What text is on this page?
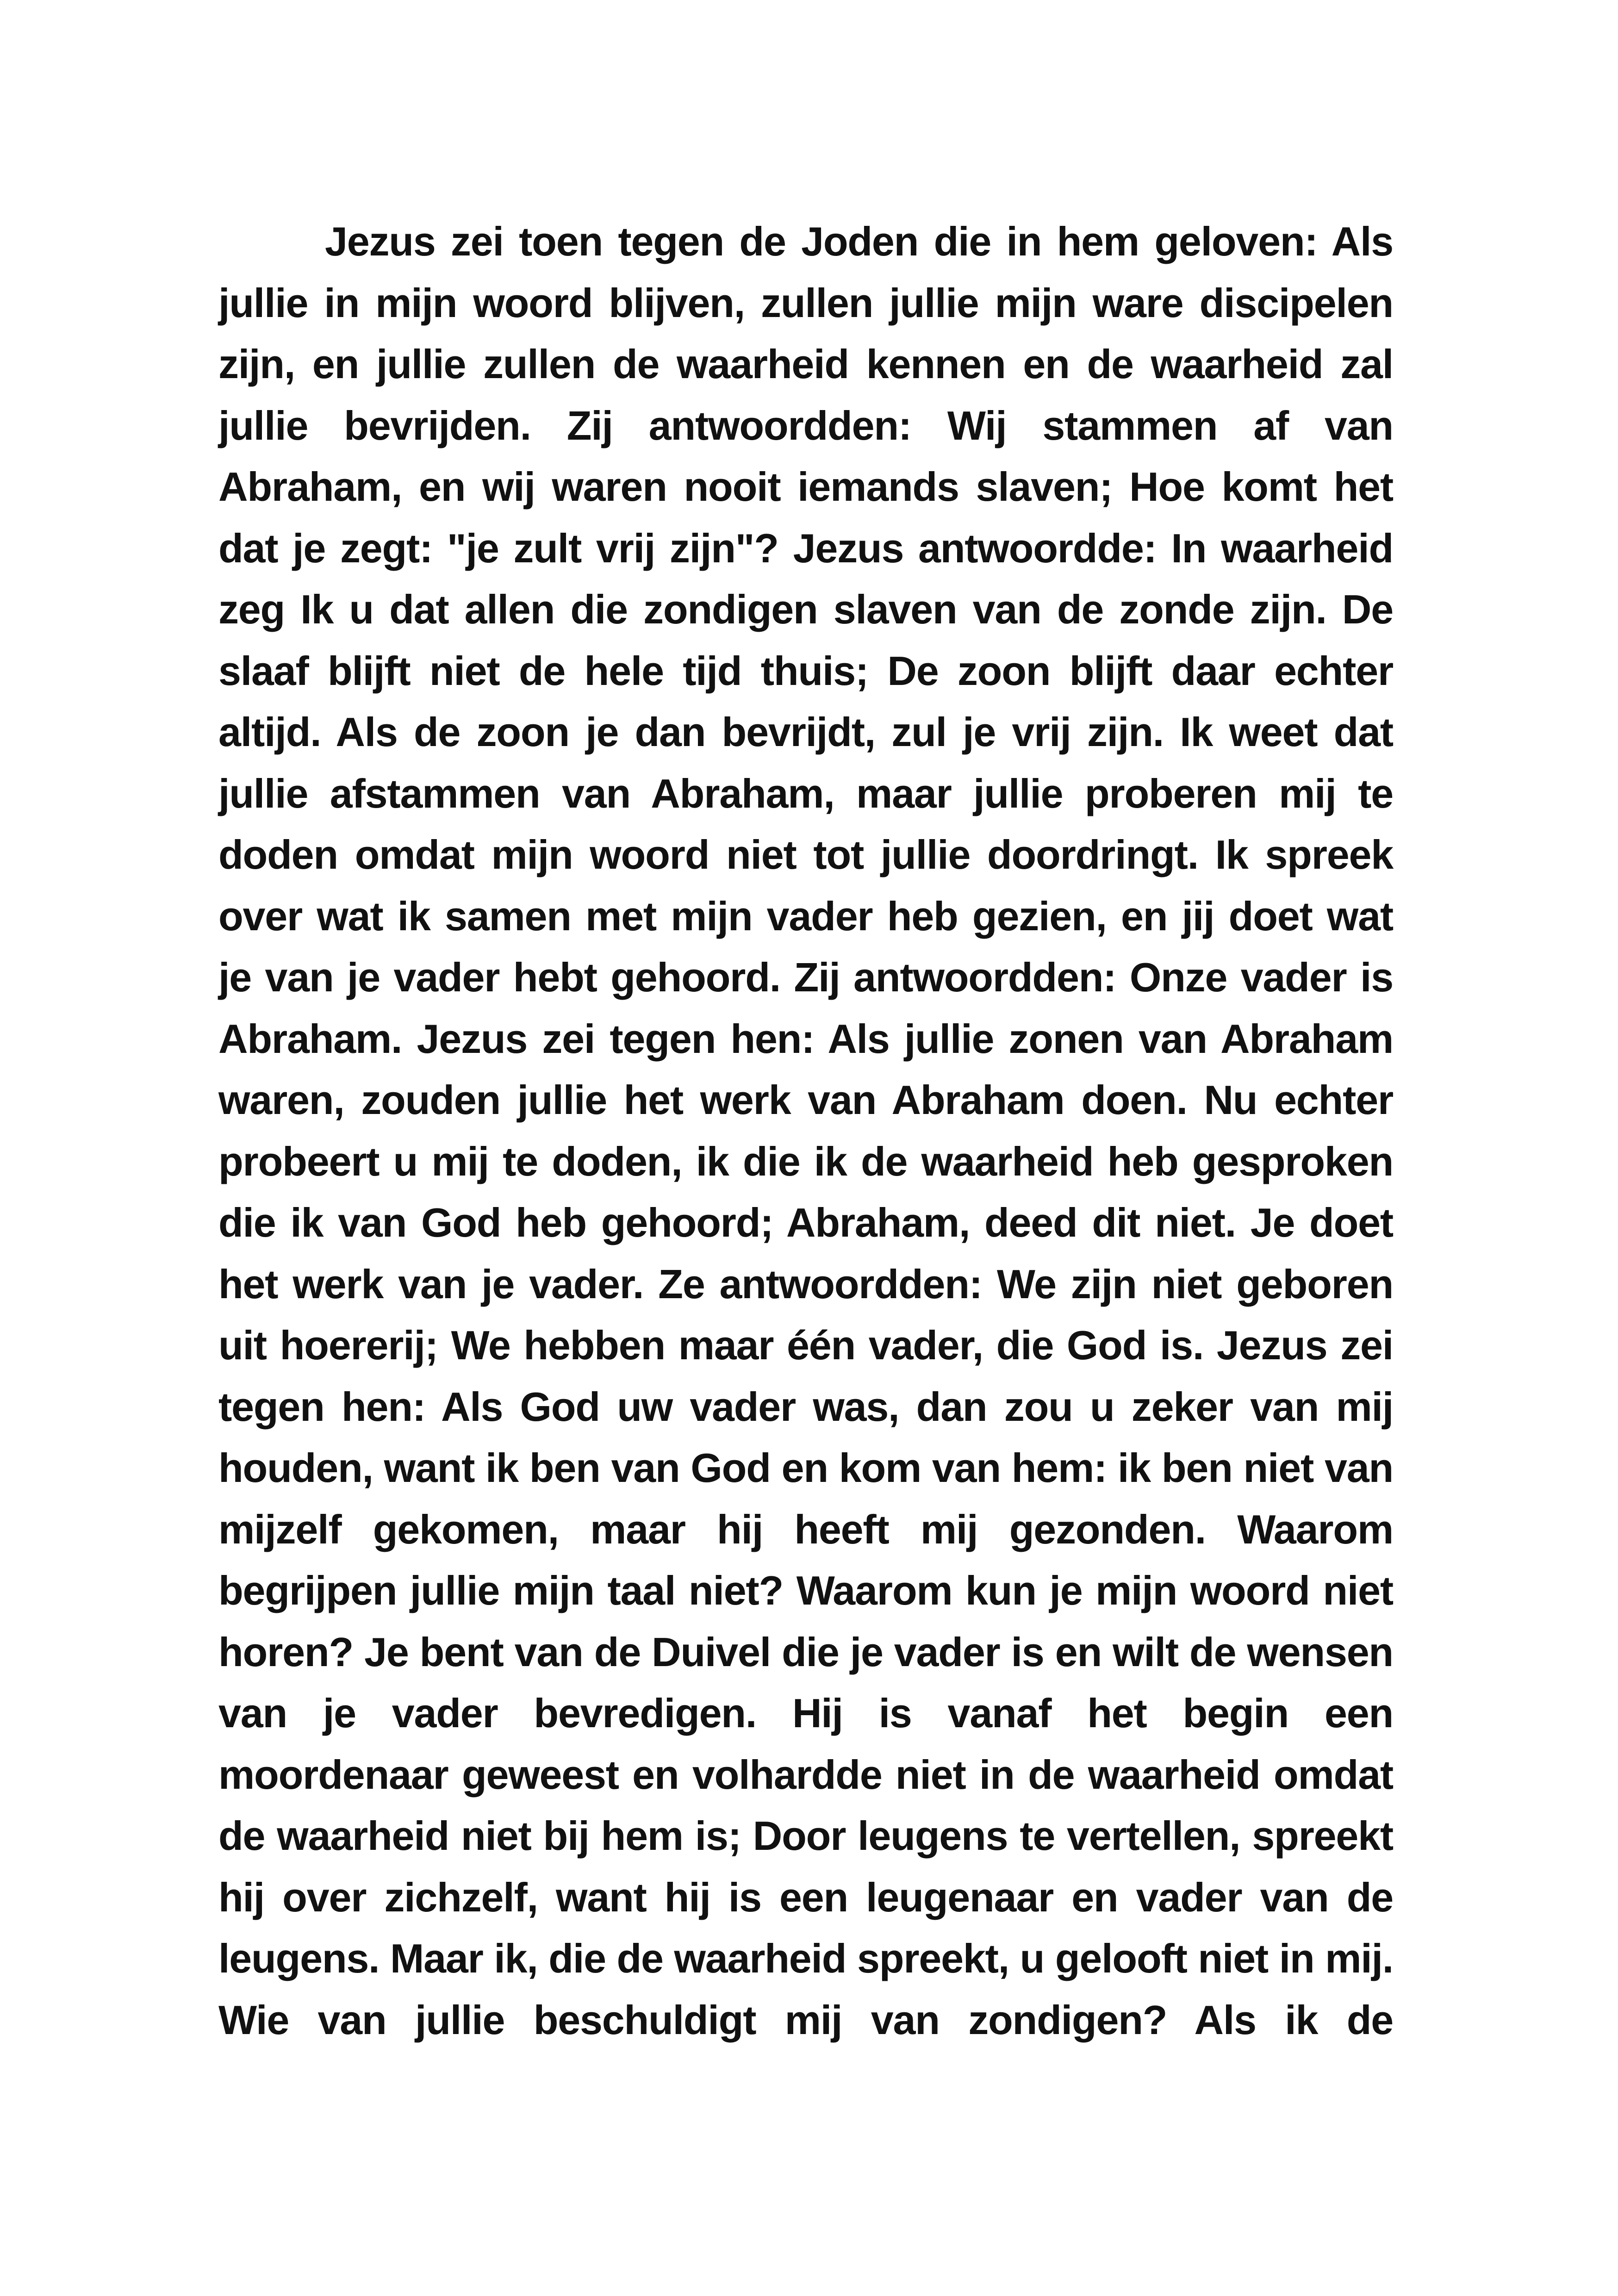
Jezus zei toen tegen de Joden die in hem geloven: Als
jullie in mijn woord blijven, zullen jullie mijn ware discipelen
zijn, en jullie zullen de waarheid kennen en de waarheid zal
jullie bevrijden. Zij antwoordden: Wij stammen af van
Abraham, en wij waren nooit iemands slaven; Hoe komt het
dat je zegt: "je zult vrij zijn"? Jezus antwoordde: In waarheid
zeg Ik u dat allen die zondigen slaven van de zonde zijn. De
slaaf blijft niet de hele tijd thuis; De zoon blijft daar echter
altijd. Als de zoon je dan bevrijdt, zul je vrij zijn. Ik weet dat
jullie afstammen van Abraham, maar jullie proberen mij te
doden omdat mijn woord niet tot jullie doordringt. Ik spreek
over wat ik samen met mijn vader heb gezien, en jij doet wat
je van je vader hebt gehoord. Zij antwoordden: Onze vader is
Abraham. Jezus zei tegen hen: Als jullie zonen van Abraham
waren, zouden jullie het werk van Abraham doen. Nu echter
probeert u mij te doden, ik die ik de waarheid heb gesproken
die ik van God heb gehoord; Abraham, deed dit niet. Je doet
het werk van je vader. Ze antwoordden: We zijn niet geboren
uit hoererij; We hebben maar één vader, die God is. Jezus zei
tegen hen: Als God uw vader was, dan zou u zeker van mij
houden, want ik ben van God en kom van hem: ik ben niet van
mijzelf gekomen, maar hij heeft mij gezonden. Waarom
begrijpen jullie mijn taal niet? Waarom kun je mijn woord niet
horen? Je bent van de Duivel die je vader is en wilt de wensen
van je vader bevredigen. Hij is vanaf het begin een
moordenaar geweest en volhardde niet in de waarheid omdat
de waarheid niet bij hem is; Door leugens te vertellen, spreekt
hij over zichzelf, want hij is een leugenaar en vader van de
leugens. Maar ik, die de waarheid spreekt, u gelooft niet in mij.
Wie van jullie beschuldigt mij van zondigen? Als ik de
